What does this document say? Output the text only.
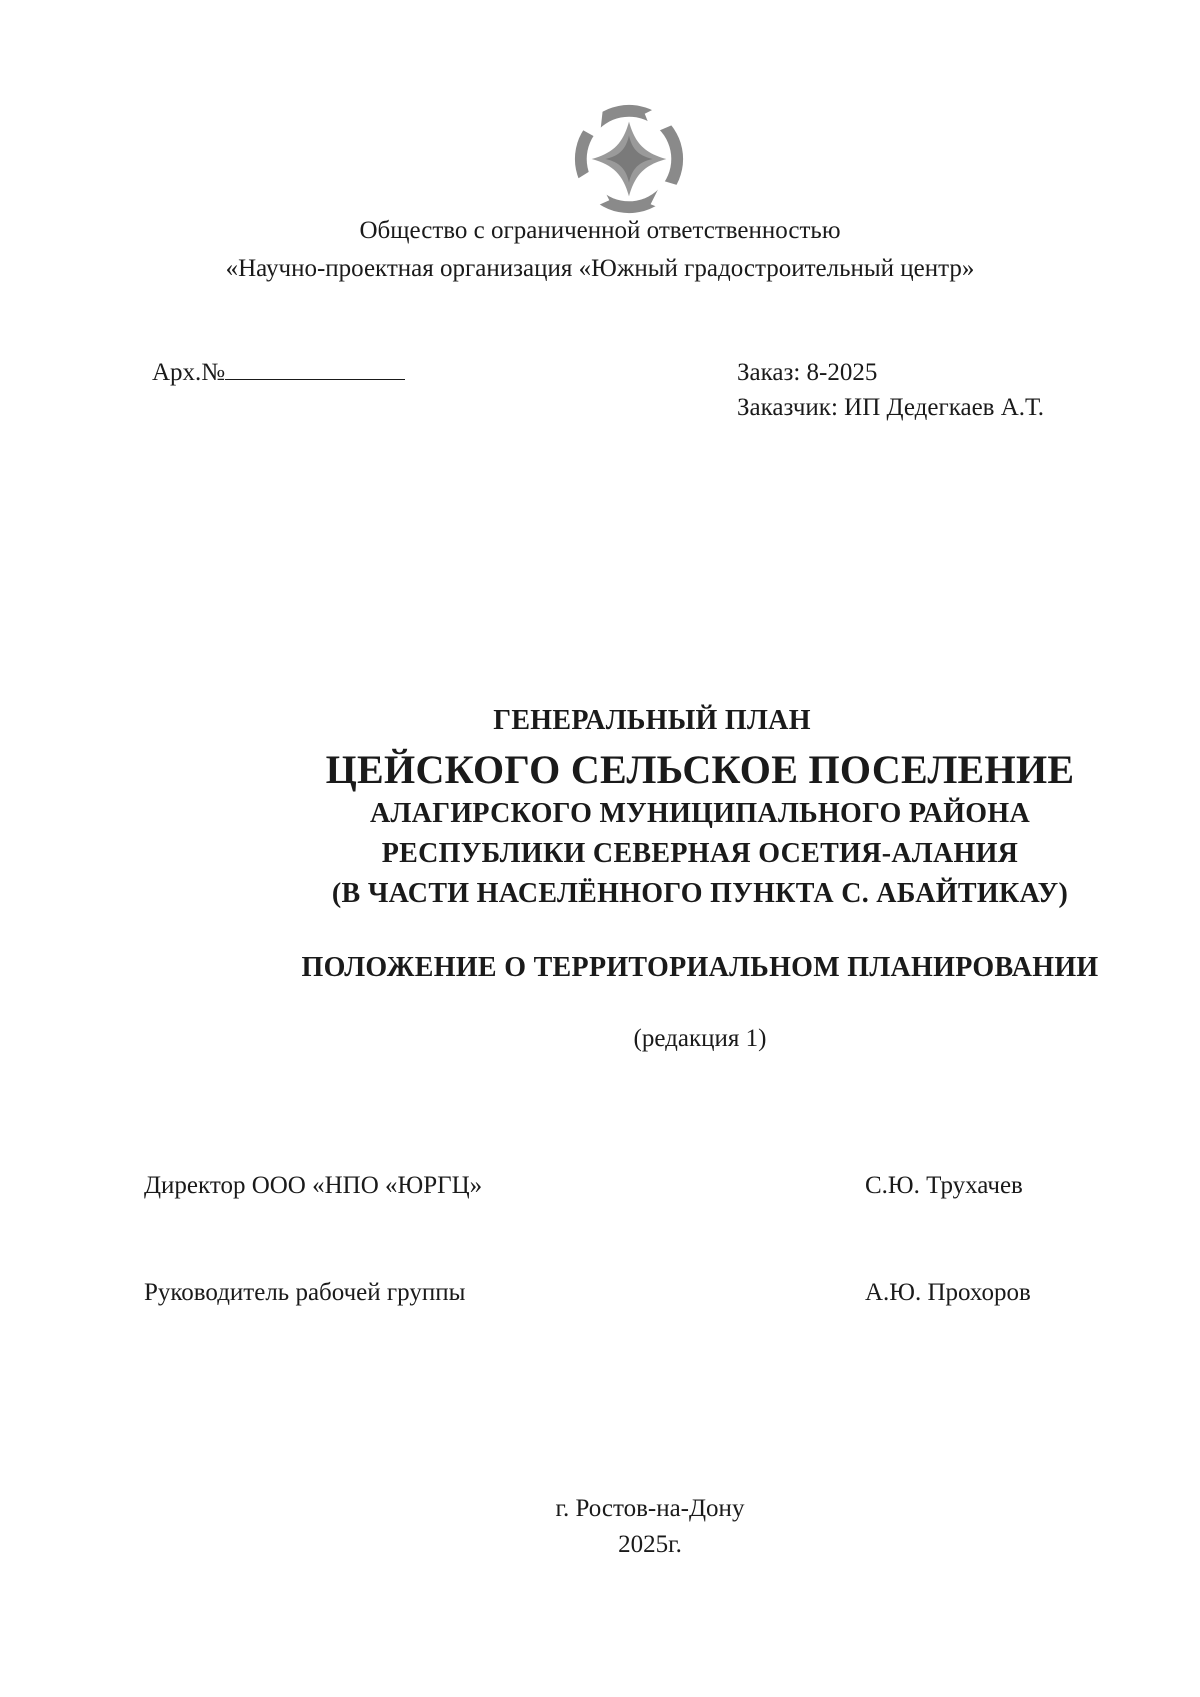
Общество с ограниченной ответственностью
«Научно-проектная организация «Южный градостроительный центр»
Арх.№	Заказ: 8-2025
Заказчик: ИП Дедегкаев А.Т.
ГЕНЕРАЛЬНЫЙ ПЛАН
ЦЕЙСКОГО СЕЛЬСКОЕ ПОСЕЛЕНИЕ
АЛАГИРСКОГО МУНИЦИПАЛЬНОГО РАЙОНА
РЕСПУБЛИКИ СЕВЕРНАЯ ОСЕТИЯ-АЛАНИЯ
(В ЧАСТИ НАСЕЛЁННОГО ПУНКТА С. АБАЙТИКАУ)
ПОЛОЖЕНИЕ О ТЕРРИТОРИАЛЬНОМ ПЛАНИРОВАНИИ
(редакция 1)
Директор ООО «НПО «ЮРГЦ»	С.Ю. Трухачев
Руководитель рабочей группы	А.Ю. Прохоров
г. Ростов-на-Дону
2025г.
